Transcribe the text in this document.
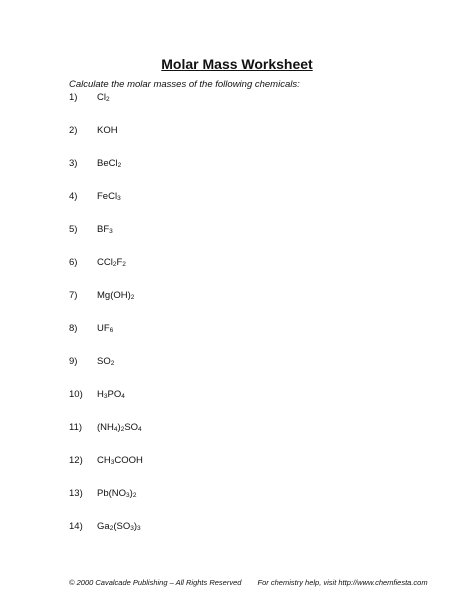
Molar Mass Worksheet
Calculate the molar masses of the following chemicals:
1) $Cl_2$
2) KOH
3) BeCl$_2$
4) FeCl$_3$
5) $BF_3$
6) $CCl_2F_2$
7) $Mg(OH)_2$
8) $UF_6$
9) $SO_2$
10) $H_3PO_4$
11) $(NH_4)_2SO_4$
12) $CH_3COOH$
13) $Pb(NO_3)_2$
14) $Ga_2(SO_3)_3$
© 2000 Cavalcade Publishing – All Rights Reserved For chemistry help, visit http://www.chemfiesta.com
